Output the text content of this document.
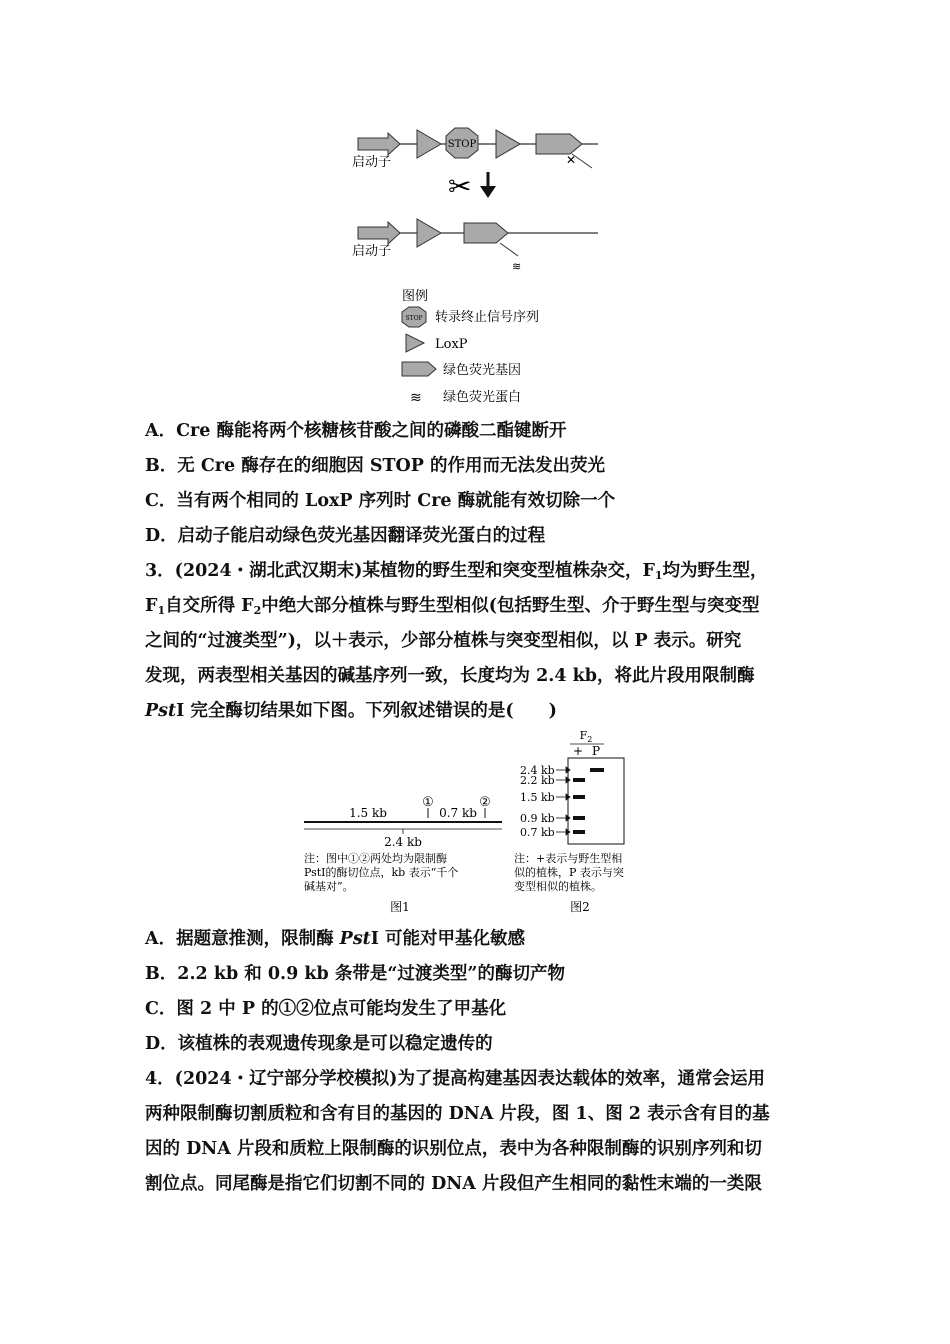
STOP
✕
启动子
✂
≋
启动子
图例
STOP 转录终止信号序列
LoxP
绿色荧光基因
≋ 绿色荧光蛋白
A．Cre 酶能将两个核糖核苷酸之间的磷酸二酯键断开
B．无 Cre 酶存在的细胞因 STOP 的作用而无法发出荧光
C．当有两个相同的 LoxP 序列时 Cre 酶就能有效切除一个
D．启动子能启动绿色荧光基因翻译荧光蛋白的过程
3．(2024・湖北武汉期末)某植物的野生型和突变型植株杂交，$F_1$均为野生型，
$F_1$自交所得 $F_2$中绝大部分植株与野生型相似(包括野生型、介于野生型与突变型
之间的“过渡类型”)，以＋表示，少部分植株与突变型相似，以 P 表示。研究
发现，两表型相关基因的碱基序列一致，长度均为 2.4 kb，将此片段用限制酶
PstⅠ 完全酶切结果如下图。下列叙述错误的是(　　)
①	②
1.5 kb	0.7 kb
2.4 kb
注：图中①②两处均为限制酶
PstⅠ的酶切位点，kb 表示“千个
碱基对”。
图1
$F_2$
+ P
2.4 kb
2.2 kb
1.5 kb
0.9 kb
0.7 kb
注：+表示与野生型相
似的植株，P 表示与突
变型相似的植株。
图2
A．据题意推测，限制酶 PstⅠ 可能对甲基化敏感
B．2.2 kb 和 0.9 kb 条带是“过渡类型”的酶切产物
C．图 2 中 P 的①②位点可能均发生了甲基化
D．该植株的表观遗传现象是可以稳定遗传的
4．(2024・辽宁部分学校模拟)为了提高构建基因表达载体的效率，通常会运用
两种限制酶切割质粒和含有目的基因的 DNA 片段，图 1、图 2 表示含有目的基
因的 DNA 片段和质粒上限制酶的识别位点，表中为各种限制酶的识别序列和切
割位点。同尾酶是指它们切割不同的 DNA 片段但产生相同的黏性末端的一类限
